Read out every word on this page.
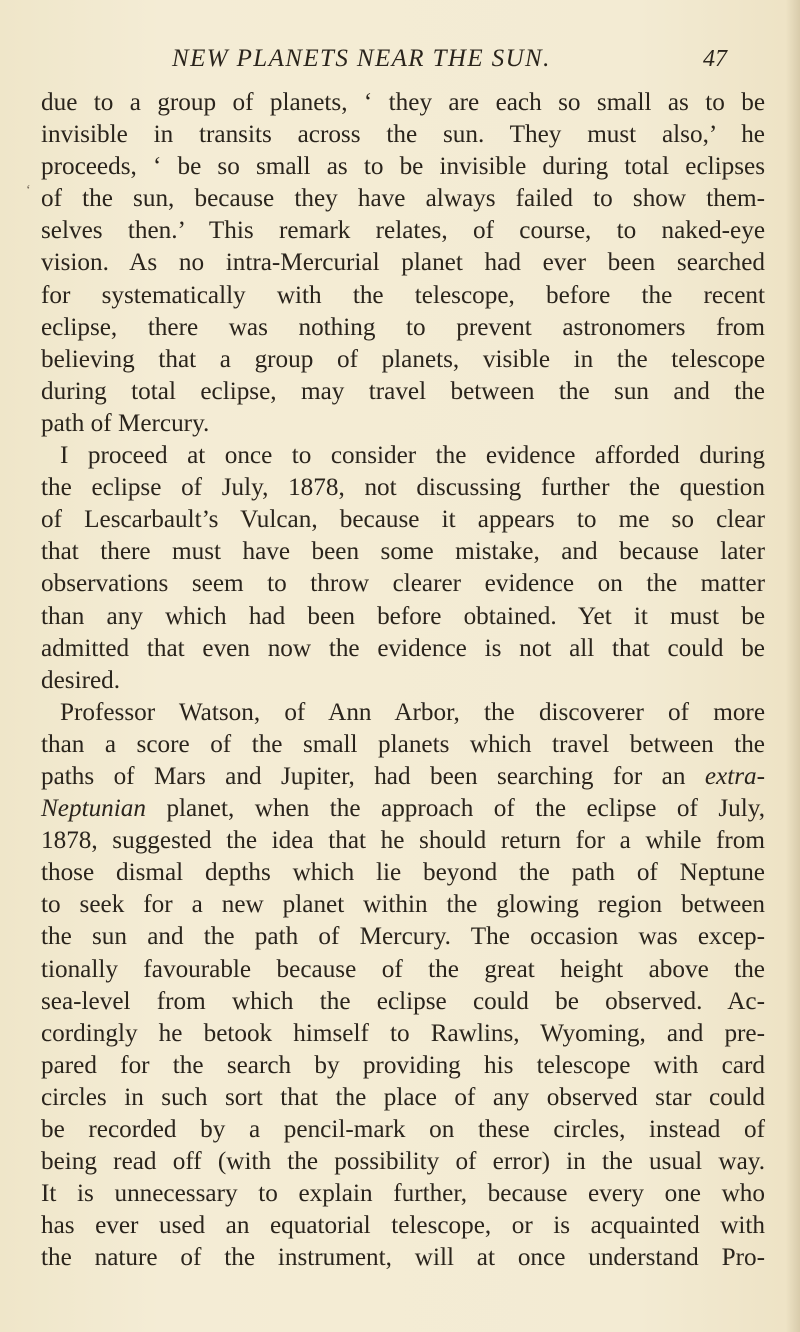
NEW PLANETS NEAR THE SUN.	47
‘
due to a group of planets, ‘ they are each so small as to be
invisible in transits across the sun. They must also,’ he
proceeds, ‘ be so small as to be invisible during total eclipses
of the sun, because they have always failed to show them-
selves then.’ This remark relates, of course, to naked-eye
vision. As no intra-Mercurial planet had ever been searched
for systematically with the telescope, before the recent
eclipse, there was nothing to prevent astronomers from
believing that a group of planets, visible in the telescope
during total eclipse, may travel between the sun and the
path of Mercury.
I proceed at once to consider the evidence afforded during
the eclipse of July, 1878, not discussing further the question
of Lescarbault’s Vulcan, because it appears to me so clear
that there must have been some mistake, and because later
observations seem to throw clearer evidence on the matter
than any which had been before obtained. Yet it must be
admitted that even now the evidence is not all that could be
desired.
Professor Watson, of Ann Arbor, the discoverer of more
than a score of the small planets which travel between the
paths of Mars and Jupiter, had been searching for an extra-
Neptunian planet, when the approach of the eclipse of July,
1878, suggested the idea that he should return for a while from
those dismal depths which lie beyond the path of Neptune
to seek for a new planet within the glowing region between
the sun and the path of Mercury. The occasion was excep-
tionally favourable because of the great height above the
sea-level from which the eclipse could be observed. Ac-
cordingly he betook himself to Rawlins, Wyoming, and pre-
pared for the search by providing his telescope with card
circles in such sort that the place of any observed star could
be recorded by a pencil-mark on these circles, instead of
being read off (with the possibility of error) in the usual way.
It is unnecessary to explain further, because every one who
has ever used an equatorial telescope, or is acquainted with
the nature of the instrument, will at once understand Pro-
